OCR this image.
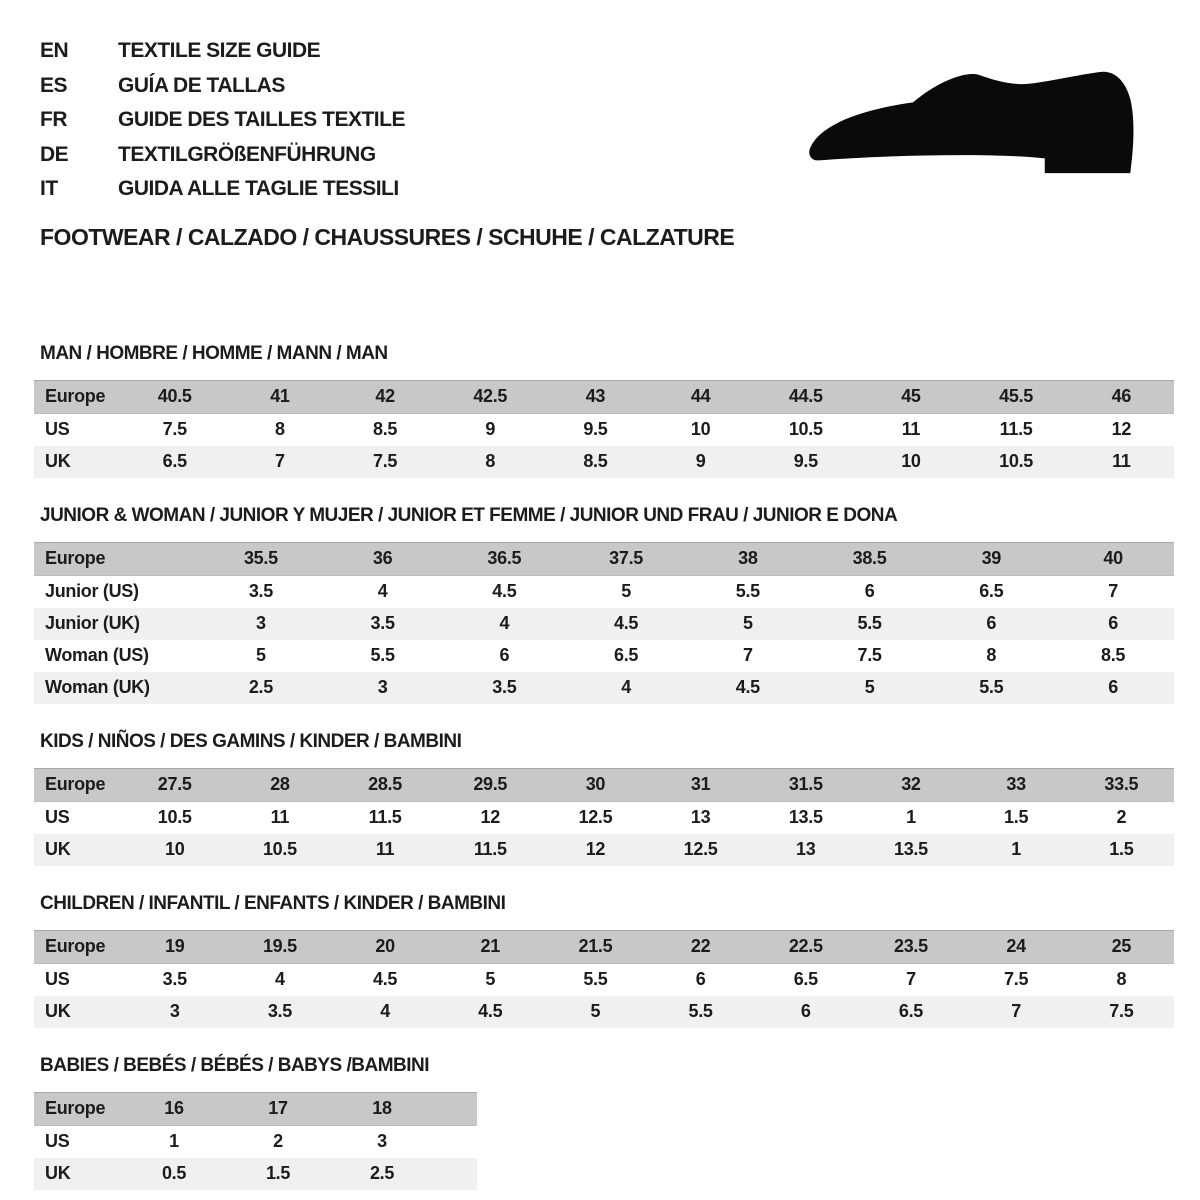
EN	TEXTILE SIZE GUIDE
ES	GUÍA DE TALLAS
FR	GUIDE DES TAILLES TEXTILE
DE	TEXTILGRÖßENFÜHRUNG
IT	GUIDA ALLE TAGLIE TESSILI
FOOTWEAR / CALZADO / CHAUSSURES / SCHUHE / CALZATURE
MAN / HOMBRE / HOMME / MANN / MAN
Europe	40.5	41	42	42.5	43	44	44.5	45	45.5	46
US	7.5	8	8.5	9	9.5	10	10.5	11	11.5	12
UK	6.5	7	7.5	8	8.5	9	9.5	10	10.5	11
JUNIOR & WOMAN / JUNIOR Y MUJER / JUNIOR ET FEMME / JUNIOR UND FRAU / JUNIOR E DONA
Europe	35.5	36	36.5	37.5	38	38.5	39	40
Junior (US)	3.5	4	4.5	5	5.5	6	6.5	7
Junior (UK)	3	3.5	4	4.5	5	5.5	6	6
Woman (US)	5	5.5	6	6.5	7	7.5	8	8.5
Woman (UK)	2.5	3	3.5	4	4.5	5	5.5	6
KIDS / NIÑOS / DES GAMINS / KINDER / BAMBINI
Europe	27.5	28	28.5	29.5	30	31	31.5	32	33	33.5
US	10.5	11	11.5	12	12.5	13	13.5	1	1.5	2
UK	10	10.5	11	11.5	12	12.5	13	13.5	1	1.5
CHILDREN / INFANTIL / ENFANTS / KINDER / BAMBINI
Europe	19	19.5	20	21	21.5	22	22.5	23.5	24	25
US	3.5	4	4.5	5	5.5	6	6.5	7	7.5	8
UK	3	3.5	4	4.5	5	5.5	6	6.5	7	7.5
BABIES / BEBÉS / BÉBÉS / BABYS /BAMBINI
Europe	16	17	18	
US	1	2	3	
UK	0.5	1.5	2.5	
